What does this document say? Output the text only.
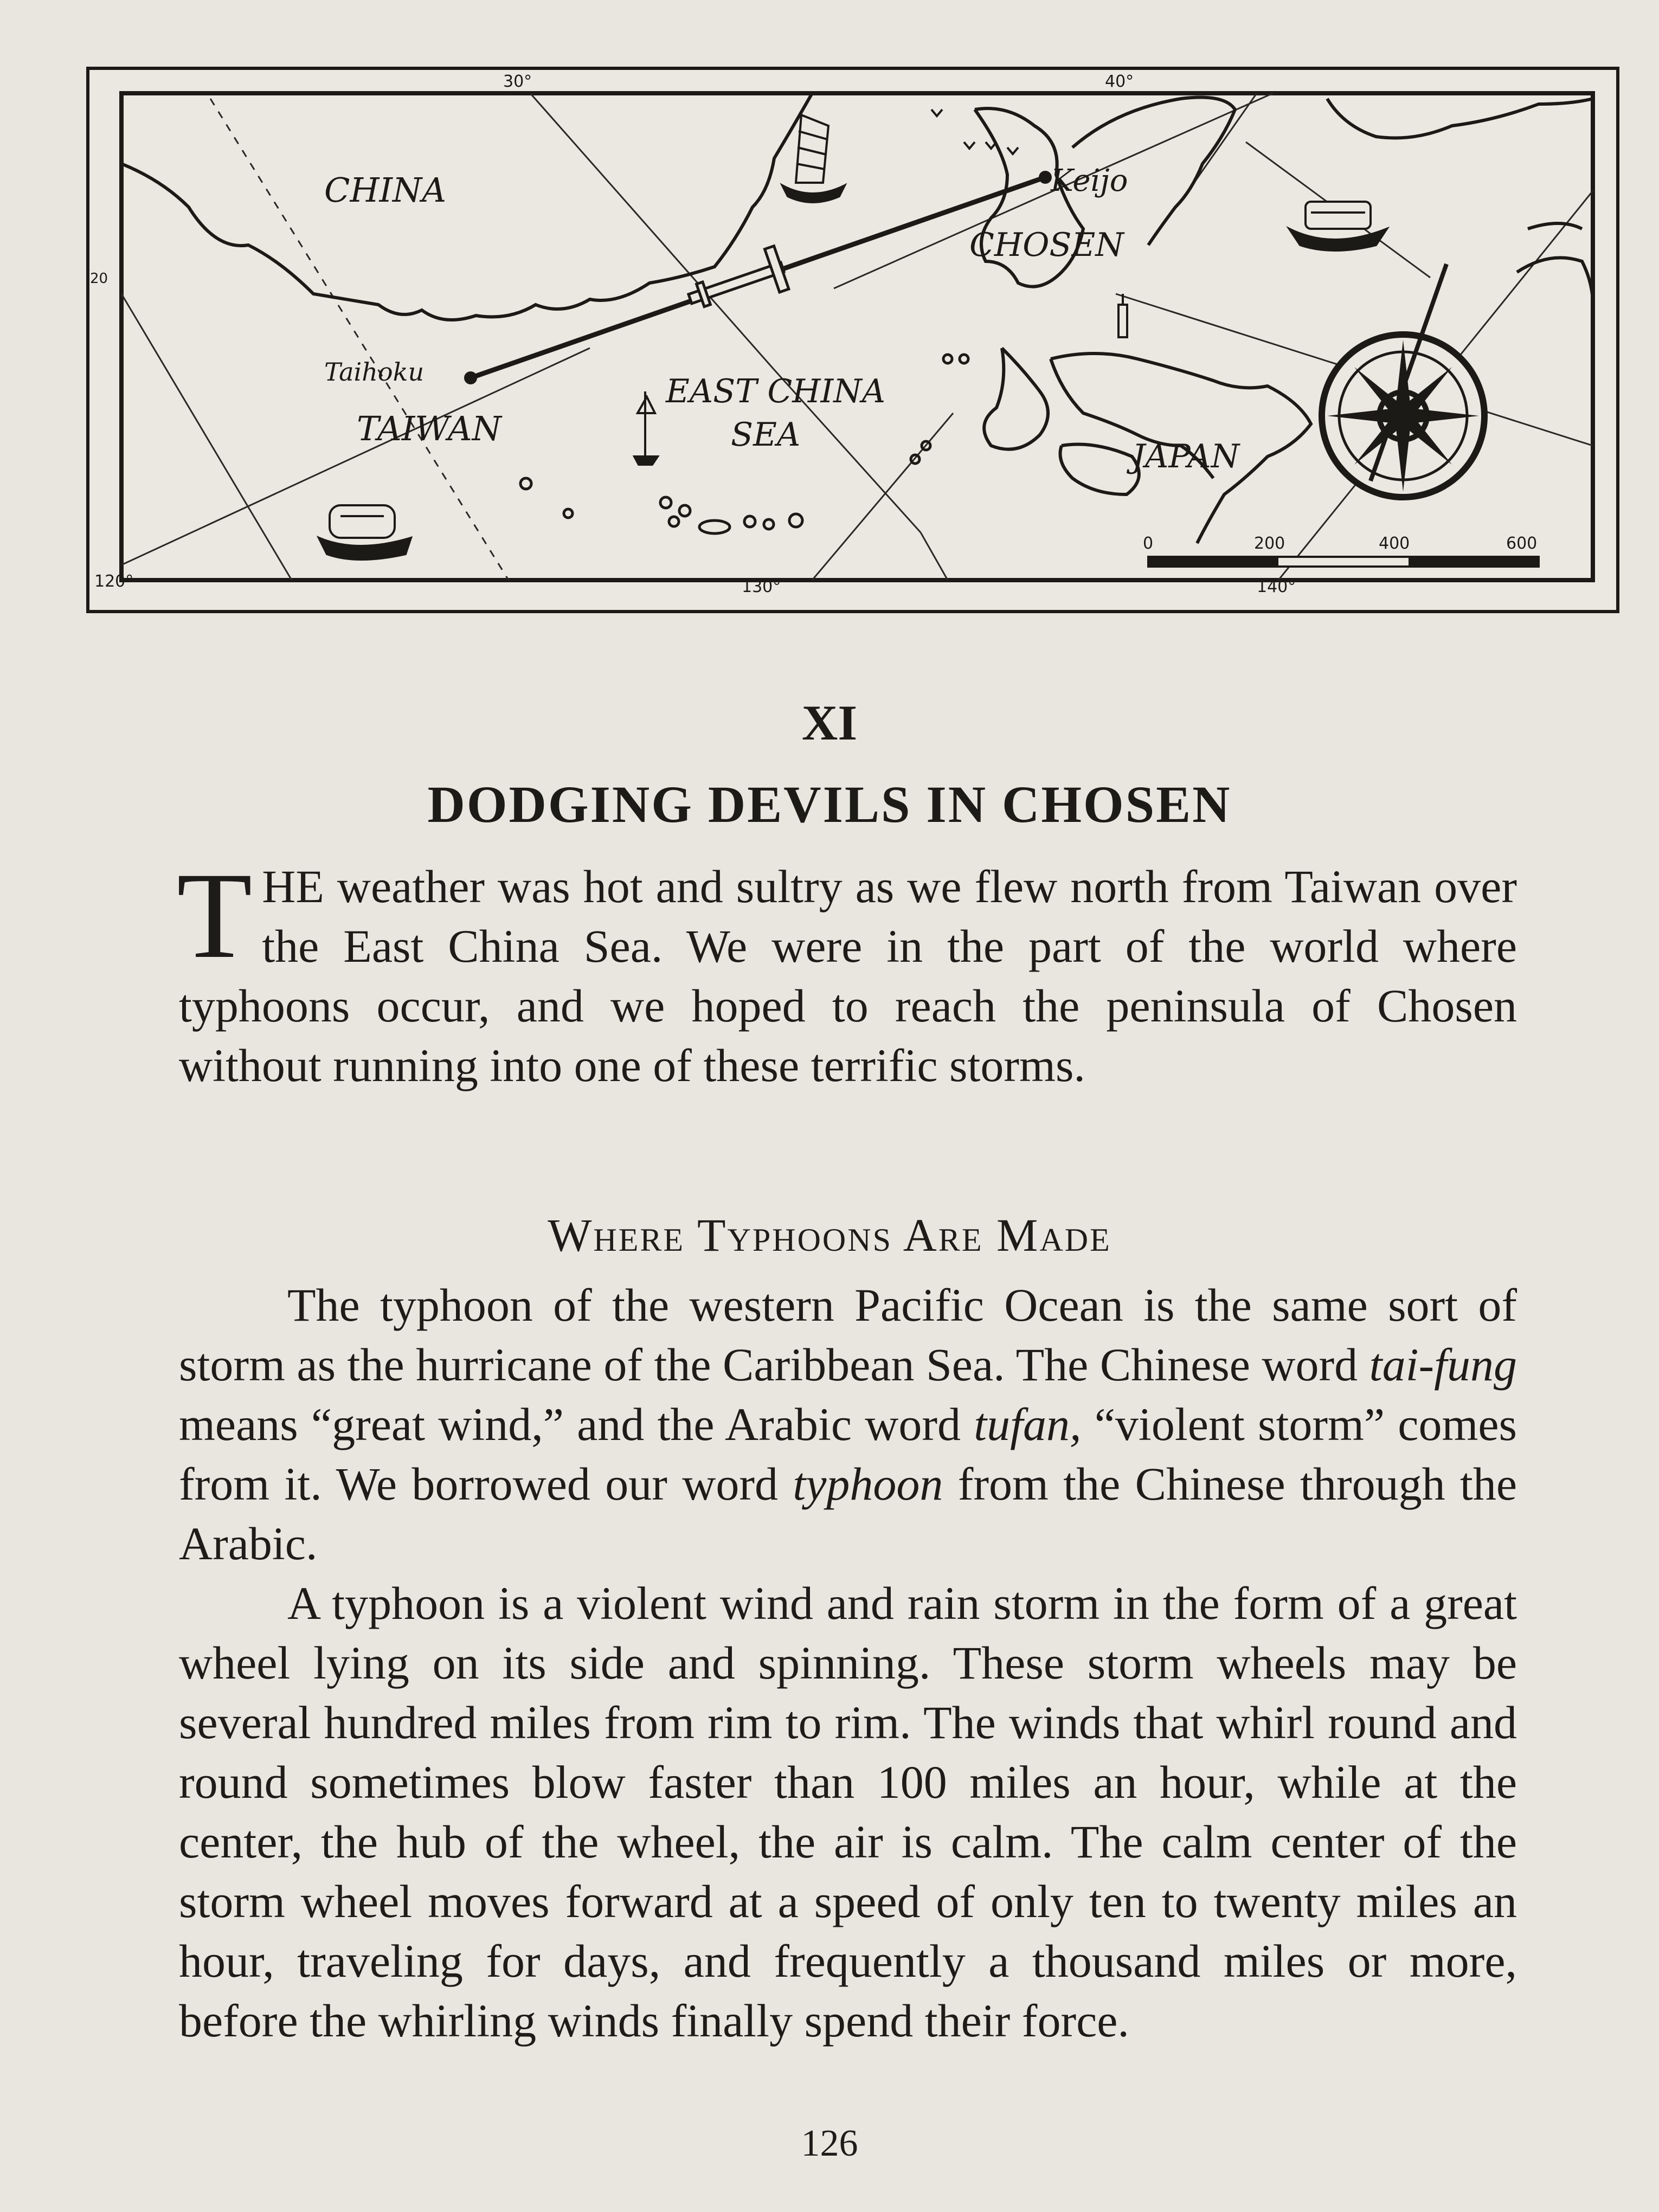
30°	40°
20
120°	130°	140°
CHINA	Keijo
CHOSEN
Taihoku
TAIWAN
EAST CHINA
SEA
JAPAN
0	200	400	600
XI
DODGING DEVILS IN CHOSEN
THE weather was hot and sultry as we flew north from Taiwan over the East China Sea. We were in the part of the world where typhoons occur, and we hoped to reach the peninsula of Chosen without running into one of these terrific storms.
Where Typhoons Are Made
The typhoon of the western Pacific Ocean is the same sort of storm as the hurricane of the Caribbean Sea. The Chinese word tai-fung means “great wind,” and the Arabic word tufan, “violent storm” comes from it. We borrowed our word typhoon from the Chinese through the Arabic.
A typhoon is a violent wind and rain storm in the form of a great wheel lying on its side and spinning. These storm wheels may be several hundred miles from rim to rim. The winds that whirl round and round sometimes blow faster than 100 miles an hour, while at the center, the hub of the wheel, the air is calm. The calm center of the storm wheel moves forward at a speed of only ten to twenty miles an hour, traveling for days, and frequently a thousand miles or more, before the whirling winds finally spend their force.
126
